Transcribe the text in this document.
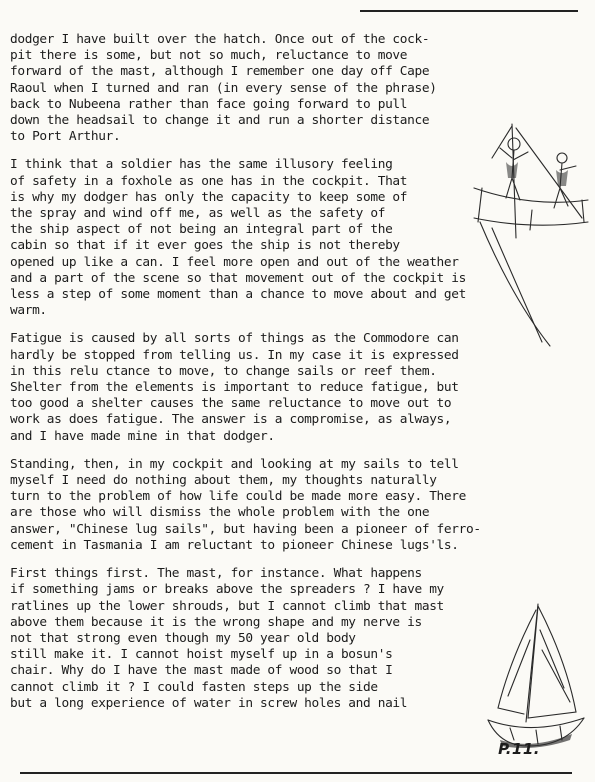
dodger I have built over the hatch. Once out of the cock-
pit there is some, but not so much, reluctance to move
forward of the mast, although I remember one day off Cape
Raoul when I turned and ran (in every sense of the phrase)
back to Nubeena rather than face going forward to pull
down the headsail to change it and run a shorter distance
to Port Arthur.

I think that a soldier has the same illusory feeling
of safety in a foxhole as one has in the cockpit. That
is why my dodger has only the capacity to keep some of
the spray and wind off me, as well as the safety of
the ship aspect of not being an integral part of the
cabin so that if it ever goes the ship is not thereby
opened up like a can. I feel more open and out of the weather
and a part of the scene so that movement out of the cockpit is
less a step of some moment than a chance to move about and get
warm.

Fatigue is caused by all sorts of things as the Commodore can
hardly be stopped from telling us. In my case it is expressed
in this relu ctance to move, to change sails or reef them.
Shelter from the elements is important to reduce fatigue, but
too good a shelter causes the same reluctance to move out to
work as does fatigue. The answer is a compromise, as always,
and I have made mine in that dodger.

Standing, then, in my cockpit and looking at my sails to tell
myself I need do nothing about them, my thoughts naturally
turn to the problem of how life could be made more easy. There
are those who will dismiss the whole problem with the one
answer, "Chinese lug sails", but having been a pioneer of ferro-
cement in Tasmania I am reluctant to pioneer Chinese lugs'ls.

First things first. The mast, for instance. What happens
if something jams or breaks above the spreaders ? I have my
ratlines up the lower shrouds, but I cannot climb that mast
above them because it is the wrong shape and my nerve is
not that strong even though my 50 year old body
still make it. I cannot hoist myself up in a bosun's
chair. Why do I have the mast made of wood so that I
cannot climb it ? I could fasten steps up the side
but a long experience of water in screw holes and nail

P.11.
